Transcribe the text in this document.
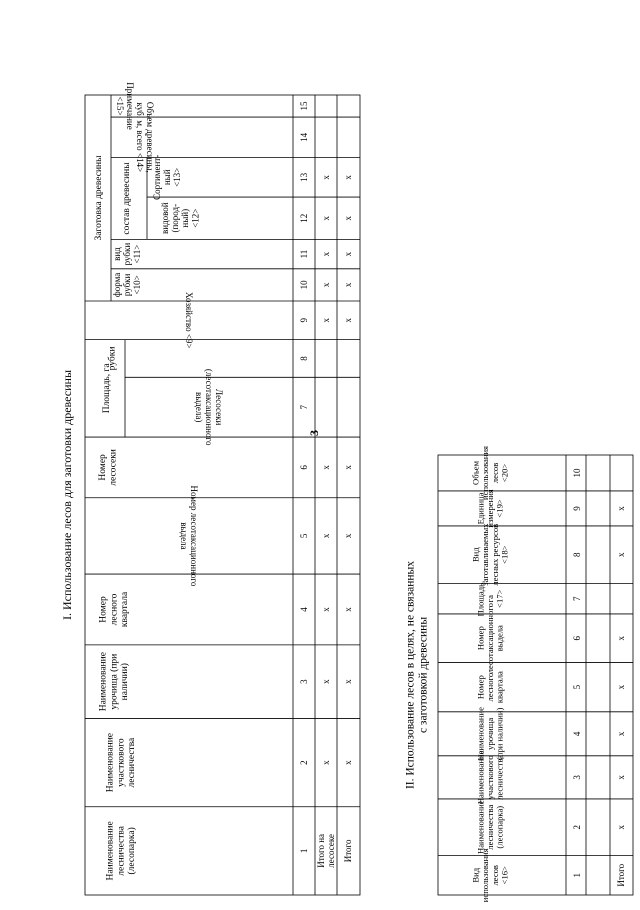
3
I. Использование лесов для заготовки древесины
Наименованиелесничества(лесопарка)
Наименованиеучастковоголесничества
Наименованиеурочища (приналичии)
Номерлесногоквартала
Номер лесотаксационноговыдела
Номерлесосеки
Площадь, га	Лесосеки(лесотаксационноговыдела)
рубки
Хозяйство <9>
Заготовка древесины
формарубки<10>
видрубки<11>
состав древесины	видовой(пород-ный)<12>
Сортимент-ный<13>
Объем древесины,куб. м, всего <14>
Примечание<15>
1
2
3
4
5
6
7
8
9
10
11
12
13
14
15
Итого налесосеке
х
х
х
х
х
х
х
х
х
х
Итого
х
х
х
х
х
х
х
х
х
х
II. Использование лесов в целях, не связанныхс заготовкой древесины
Видиспользованиялесов<16>
Наименованиелесничества(лесопарка)
Наименованиеучастковоголесничества
Наименованиеурочища(при наличии)
Номерлесногоквартала
Номерлесотаксационноговыдела
Площадь,га<17>
Видзаготавливаемыхлесных ресурсов<18>
Единицаизмерения<19>
Объемиспользованиялесов<20>
1
2
3
4
5
6
7
8
9
10
Итого
х
х
х
х
х
х
х
